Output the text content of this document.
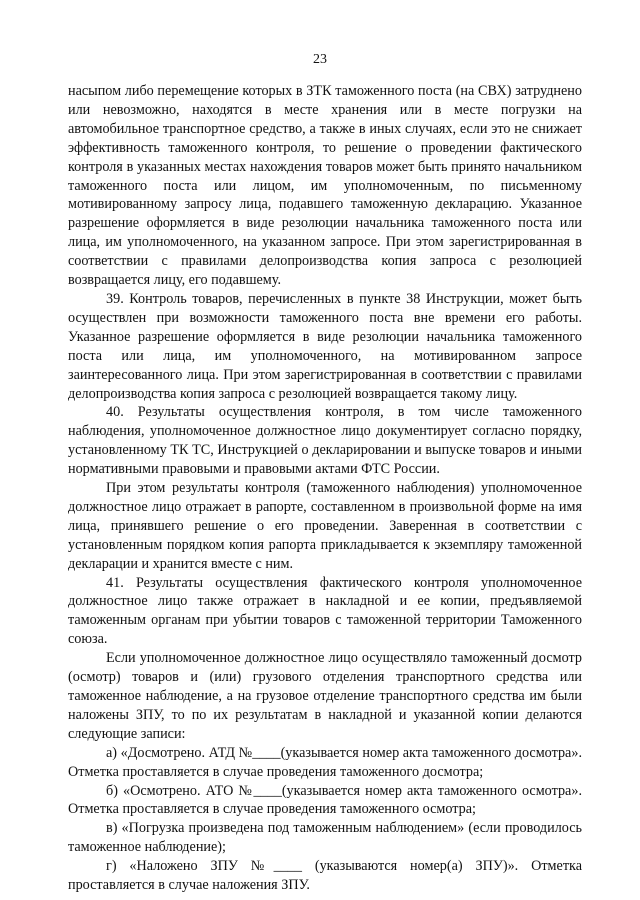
23

насыпом либо перемещение которых в ЗТК таможенного поста (на СВХ) затруднено или невозможно, находятся в месте хранения или в месте погрузки на автомобильное транспортное средство, а также в иных случаях, если это не снижает эффективность таможенного контроля, то решение о проведении фактического контроля в указанных местах нахождения товаров может быть принято начальником таможенного поста или лицом, им уполномоченным, по письменному мотивированному запросу лица, подавшего таможенную декларацию. Указанное разрешение оформляется в виде резолюции начальника таможенного поста или лица, им уполномоченного, на указанном запросе. При этом зарегистрированная в соответствии с правилами делопроизводства копия запроса с резолюцией возвращается лицу, его подавшему.

39. Контроль товаров, перечисленных в пункте 38 Инструкции, может быть осуществлен при возможности таможенного поста вне времени его работы. Указанное разрешение оформляется в виде резолюции начальника таможенного поста или лица, им уполномоченного, на мотивированном запросе заинтересованного лица. При этом зарегистрированная в соответствии с правилами делопроизводства копия запроса с резолюцией возвращается такому лицу.

40. Результаты осуществления контроля, в том числе таможенного наблюдения, уполномоченное должностное лицо документирует согласно порядку, установленному ТК ТС, Инструкцией о декларировании и выпуске товаров и иными нормативными правовыми и правовыми актами ФТС России.

При этом результаты контроля (таможенного наблюдения) уполномоченное должностное лицо отражает в рапорте, составленном в произвольной форме на имя лица, принявшего решение о его проведении. Заверенная в соответствии с установленным порядком копия рапорта прикладывается к экземпляру таможенной декларации и хранится вместе с ним.

41. Результаты осуществления фактического контроля уполномоченное должностное лицо также отражает в накладной и ее копии, предъявляемой таможенным органам при убытии товаров с таможенной территории Таможенного союза.

Если уполномоченное должностное лицо осуществляло таможенный досмотр (осмотр) товаров и (или) грузового отделения транспортного средства или таможенное наблюдение, а на грузовое отделение транспортного средства им были наложены ЗПУ, то по их результатам в накладной и указанной копии делаются следующие записи:

а) «Досмотрено. АТД №____(указывается номер акта таможенного досмотра». Отметка проставляется в случае проведения таможенного досмотра;

б) «Осмотрено. АТО №____(указывается номер акта таможенного осмотра». Отметка проставляется в случае проведения таможенного осмотра;

в) «Погрузка произведена под таможенным наблюдением» (если проводилось таможенное наблюдение);

г) «Наложено ЗПУ №____ (указываются номер(а) ЗПУ)». Отметка проставляется в случае наложения ЗПУ.
